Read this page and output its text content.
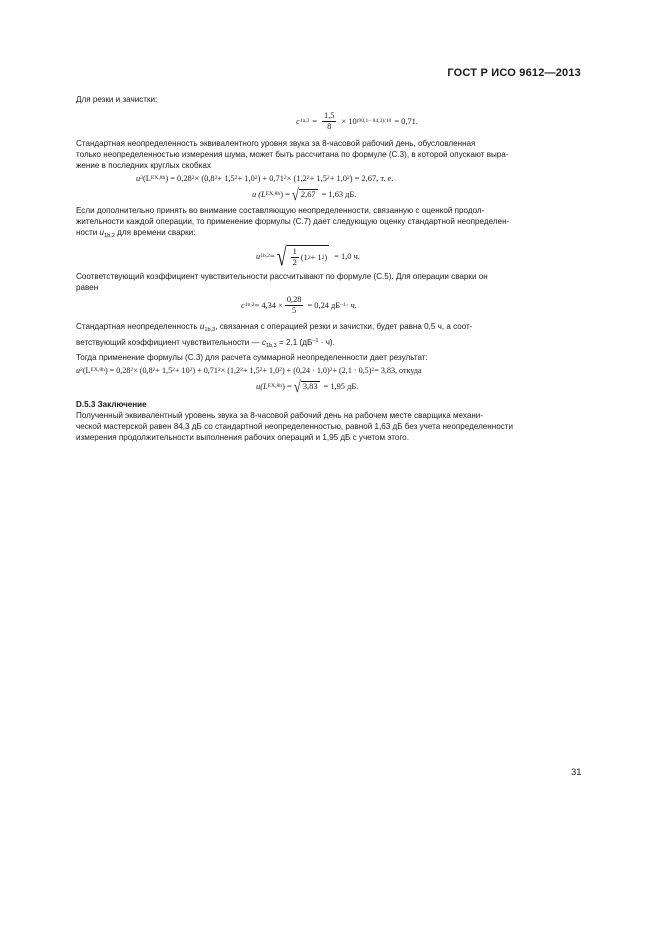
ГОСТ Р ИСО 9612—2013

Для резки и зачистки:

c $1a,3 = \frac{1,5}{8} \times 10$ (90,1– 84,3)/10 = 0,71.

Стандартная неопределенность эквивалентного уровня звука за 8-часовой рабочий день, обусловленная

только неопределенностью измерения шума, может быть рассчитана по формуле (C.3), в которой опускают выра-

жение в последних круглых скобках

u 2 (L EX,8h ) = 0,28 2 × (0,8 2 + 1,5 2 + 1,0 2 ) + 0,71 2 × (1,2 2 + 1,5 2 + 1,0 2 ) = 2,67, т. е.
u (L EX,8h ) = √ 2,67 = 1,63 дБ.

Если дополнительно принять во внимание составляющую неопределенности, связанную с оценкой продол-

жительности каждой операции, то применение формулы (C.7) дает следующую оценку стандартной неопределен-

ности $u_{1b,2}$ для времени сварки:

u 1b,2 = √ $\frac{1}{2} (1$ 2 + 1 2 ) = 1,0 ч.

Соответствующий коэффициент чувствительности рассчитывают по формуле (C.5). Для операции сварки он

равен

c $1b,2 = 4,34 \times \frac{0,28}{5} = 0,24$ дБ –1 · ч.

Стандартная неопределенность $u_{1b,3}$, связанная с операцией резки и зачистки, будет равна 0,5 ч, а соот-

ветствующий коэффициент чувствительности — $c_{1b,3} = 2,1$ $(дБ^{-1} \cdot ч)$.

Тогда применение формулы (C.3) для расчета суммарной неопределенности дает результат:

u 2 (L EX,8h ) = 0,28 2 × (0,8 2 + 1,5 2 + 10 2 ) + 0,71 2 × (1,2 2 + 1,5 2 + 1,0 2 ) + (0,24 · 1,0) 2 + (2,1 · 0,5) 2 = 3,83, откуда
u(L EX,8h ) = √ 3,83 = 1,95 дБ.

D.5.3 Заключение

Полученный эквивалентный уровень звука за 8-часовой рабочий день на рабочем месте сварщика механи-

ческой мастерской равен 84,3 дБ со стандартной неопределенностью, равной 1,63 дБ без учета неопределенности

измерения продолжительности выполнения рабочих операций и 1,95 дБ с учетом этого.

31
